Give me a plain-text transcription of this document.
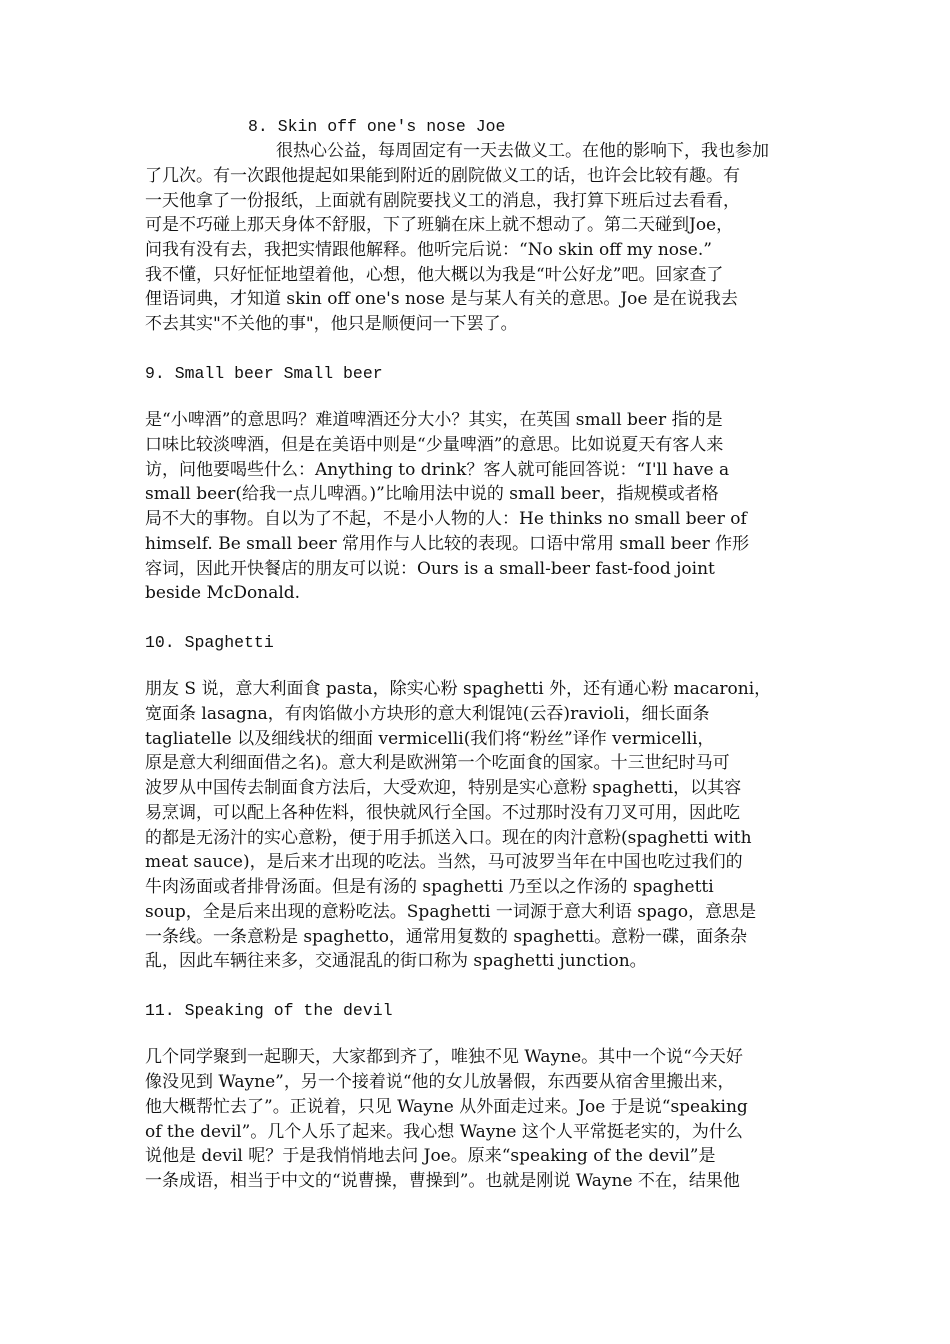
8. Skin off one's nose Joe
很热心公益，每周固定有一天去做义工。在他的影响下，我也参加
了几次。有一次跟他提起如果能到附近的剧院做义工的话，也许会比较有趣。有
一天他拿了一份报纸，上面就有剧院要找义工的消息，我打算下班后过去看看，
可是不巧碰上那天身体不舒服，下了班躺在床上就不想动了。第二天碰到Joe，
问我有没有去，我把实情跟他解释。他听完后说：“No skin off my nose.”
我不懂，只好怔怔地望着他，心想，他大概以为我是“叶公好龙”吧。回家查了
俚语词典，才知道 skin off one's nose 是与某人有关的意思。Joe 是在说我去
不去其实"不关他的事"，他只是顺便问一下罢了。
9. Small beer Small beer
是“小啤酒”的意思吗？难道啤酒还分大小？其实，在英国 small beer 指的是
口味比较淡啤酒，但是在美语中则是“少量啤酒”的意思。比如说夏天有客人来
访，问他要喝些什么：Anything to drink？客人就可能回答说：“I'll have a
small beer(给我一点儿啤酒。)”比喻用法中说的 small beer，指规模或者格
局不大的事物。自以为了不起，不是小人物的人：He thinks no small beer of
himself. Be small beer 常用作与人比较的表现。口语中常用 small beer 作形
容词，因此开快餐店的朋友可以说：Ours is a small-beer fast-food joint
beside McDonald.
10. Spaghetti
朋友 S 说，意大利面食 pasta，除实心粉 spaghetti 外，还有通心粉 macaroni，
宽面条 lasagna，有肉馅做小方块形的意大利馄饨(云吞)ravioli，细长面条
tagliatelle 以及细线状的细面 vermicelli(我们将“粉丝”译作 vermicelli，
原是意大利细面借之名)。意大利是欧洲第一个吃面食的国家。十三世纪时马可
波罗从中国传去制面食方法后，大受欢迎，特别是实心意粉 spaghetti，以其容
易烹调，可以配上各种佐料，很快就风行全国。不过那时没有刀叉可用，因此吃
的都是无汤汁的实心意粉，便于用手抓送入口。现在的肉汁意粉(spaghetti with
meat sauce)，是后来才出现的吃法。当然，马可波罗当年在中国也吃过我们的
牛肉汤面或者排骨汤面。但是有汤的 spaghetti 乃至以之作汤的 spaghetti
soup，全是后来出现的意粉吃法。Spaghetti 一词源于意大利语 spago，意思是
一条线。一条意粉是 spaghetto，通常用复数的 spaghetti。意粉一碟，面条杂
乱，因此车辆往来多，交通混乱的街口称为 spaghetti junction。
11. Speaking of the devil
几个同学聚到一起聊天，大家都到齐了，唯独不见 Wayne。其中一个说“今天好
像没见到 Wayne”，另一个接着说“他的女儿放暑假，东西要从宿舍里搬出来，
他大概帮忙去了”。正说着，只见 Wayne 从外面走过来。Joe 于是说“speaking
of the devil”。几个人乐了起来。我心想 Wayne 这个人平常挺老实的，为什么
说他是 devil 呢？于是我悄悄地去问 Joe。原来“speaking of the devil”是
一条成语，相当于中文的“说曹操，曹操到”。也就是刚说 Wayne 不在，结果他
